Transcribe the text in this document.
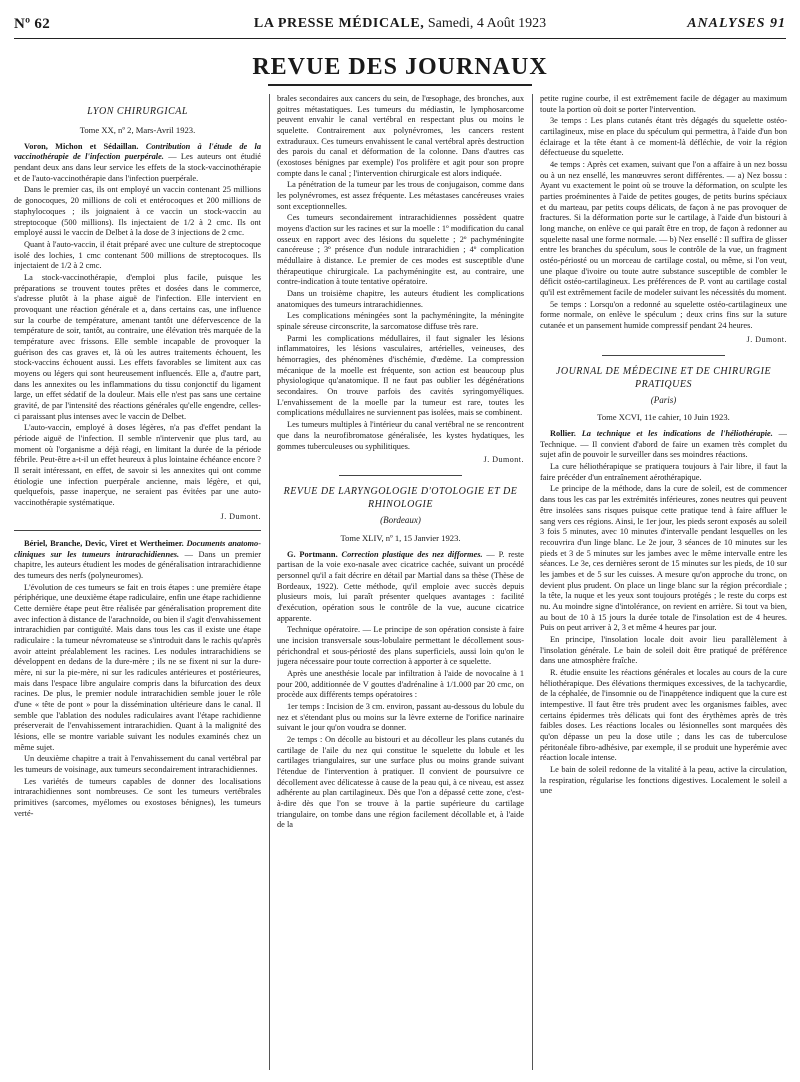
Nº 62	LA PRESSE MÉDICALE, Samedi, 4 Août 1923	ANALYSES 91
REVUE DES JOURNAUX
LYON CHIRURGICAL
Tome XX, nº 2, Mars-Avril 1923.

Voron, Michon et Sédaillan. Contribution à l'étude de la vaccinothérapie de l'infection puerpérale. — Les auteurs ont étudié pendant deux ans dans leur service les effets de la stock-vaccinothérapie et de l'auto-vaccinothérapie dans l'infection puerpérale.

Dans le premier cas, ils ont employé un vaccin contenant 25 millions de gonocoques, 20 millions de coli et entérocoques et 200 millions de staphylocoques ; ils joignaient à ce vaccin un stock-vaccin au streptocoque (500 millions). Ils injectaient de 1/2 à 2 cmc. Ils ont employé aussi le vaccin de Delbet à la dose de 3 injections de 2 cmc.

Quant à l'auto-vaccin, il était préparé avec une culture de streptocoque isolé des lochies, 1 cmc contenant 500 millions de streptocoques. Ils injectaient de 1/2 à 2 cmc.

La stock-vaccinothérapie, d'emploi plus facile, puisque les préparations se trouvent toutes prêtes et dosées dans le commerce, s'adresse plutôt à la phase aiguë de l'infection. Elle intervient en provoquant une réaction générale et a, dans certains cas, une influence sur la courbe de température, amenant tantôt une défervescence de la température de soir, tantôt, au contraire, une élévation très marquée de la température avec frissons. Elle semble incapable de provoquer la guérison des cas graves et, là où les autres traitements échouent, les stock-vaccins échouent aussi. Les effets favorables se limitent aux cas moyens ou légers qui sont heureusement influencés. Elle a, d'autre part, dans les annexites ou les inflammations du tissu conjonctif du ligament large, un effet sédatif de la douleur. Mais elle n'est pas sans une certaine gravité, de par l'intensité des réactions générales qu'elle engendre, celles-ci paraissant plus intenses avec le vaccin de Delbet.

L'auto-vaccin, employé à doses légères, n'a pas d'effet pendant la période aiguë de l'infection. Il semble n'intervenir que plus tard, au moment où l'organisme a déjà réagi, en limitant la durée de la période fébrile. Peut-être a-t-il un effet heureux à plus lointaine échéance encore ? Il serait intéressant, en effet, de savoir si les annexites qui ont comme étiologie une infection puerpérale ancienne, mais légère, et qui, quelquefois, passe inaperçue, ne seraient pas évitées par une auto-vaccinothérapie systématique.

J. Dumont.

Bériel, Branche, Devic, Viret et Wertheimer. Documents anatomo-cliniques sur les tumeurs intrarachidiennes. — Dans un premier chapitre, les auteurs étudient les modes de généralisation intrarachidienne des tumeurs des nerfs (polyneuromes).

L'évolution de ces tumeurs se fait en trois étapes : une première étape périphérique, une deuxième étape radiculaire, enfin une étape rachidienne Cette dernière étape peut être réalisée par généralisation proprement dite avec infection à distance de l'arachnoïde, ou bien il s'agit d'envahissement intrarachidien par contiguïté. Mais dans tous les cas il existe une étape radiculaire : la tumeur névromateuse se s'introduit dans le rachis qu'après avoir atteint préalablement les racines. Les nodules intrarachidiens se développent en dedans de la dure-mère ; ils ne se fixent ni sur la dure-mère, ni sur la pie-mère, ni sur les radicules antérieures et postérieures, mais dans l'espace libre angulaire compris dans la bifurcation des deux racines. De plus, le premier nodule intrarachidien semble jouer le rôle d'une « tête de pont » pour la dissémination ultérieure dans le canal. Il semble que l'ablation des nodules radiculaires avant l'étape rachidienne préserverait de l'envahissement intrarachidien. Quant à la malignité des lésions, elle se montre variable suivant les nodules examinés chez un même sujet.

Un deuxième chapitre a trait à l'envahissement du canal vertébral par les tumeurs de voisinage, aux tumeurs secondairement intrarachidiennes.

Les variétés de tumeurs capables de donner des localisations intrarachidiennes sont nombreuses. Ce sont les tumeurs vertébrales primitives (sarcomes, myélomes ou exostoses bénignes), les tumeurs verté-

brales secondaires aux cancers du sein, de l'œsophage, des bronches, aux goitres métastatiques. Les tumeurs du médiastin, le lymphosarcome peuvent envahir le canal vertébral en respectant plus ou moins le squelette. Contrairement aux polynévromes, les cancers restent extraduraux. Ces tumeurs envahissent le canal vertébral après destruction des parois du canal et déformation de la colonne. Dans d'autres cas (exostoses bénignes par exemple) l'os prolifère et agit pour son propre compte dans le canal ; l'intervention chirurgicale est alors indiquée.

La pénétration de la tumeur par les trous de conjugaison, comme dans les polynévromes, est assez fréquente. Les métastases cancéreuses vraies sont exceptionnelles.

Ces tumeurs secondairement intrarachidiennes possèdent quatre moyens d'action sur les racines et sur la moelle : 1º modification du canal osseux en rapport avec des lésions du squelette ; 2º pachyméningite cancéreuse ; 3º présence d'un nodule intrarachidien ; 4º complication médullaire à distance. Le premier de ces modes est susceptible d'une thérapeutique chirurgicale. La pachyméningite est, au contraire, une contre-indication à toute tentative opératoire.

Dans un troisième chapitre, les auteurs étudient les complications anatomiques des tumeurs intrarachidiennes.

Les complications méningées sont la pachyméningite, la méningite spinale séreuse circonscrite, la sarcomatose diffuse très rare.

Parmi les complications médullaires, il faut signaler les lésions inflammatoires, les lésions vasculaires, artérielles, veineuses, des hémorragies, des phénomènes d'ischémie, d'œdème. La compression mécanique de la moelle est fréquente, son action est beaucoup plus physiologique qu'anatomique. Il ne faut pas oublier les dégénérations secondaires. On trouve parfois des cavités syringomyéliques. L'envahissement de la moelle par la tumeur est rare, toutes les complications médullaires ne surviennent pas isolées, mais se combinent.

Les tumeurs multiples à l'intérieur du canal vertébral ne se rencontrent que dans la neurofibromatose généralisée, les kystes hydatiques, les gommes tuberculeuses ou syphilitiques.

J. Dumont.
REVUE DE LARYNGOLOGIE D'OTOLOGIE ET DE RHINOLOGIE
(Bordeaux)
Tome XLIV, nº 1, 15 Janvier 1923.

G. Portmann. Correction plastique des nez difformes. — P. reste partisan de la voie exo-nasale avec cicatrice cachée, suivant un procédé personnel qu'il a fait décrire en détail par Martial dans sa thèse (Thèse de Bordeaux, 1922). Cette méthode, qu'il emploie avec succès depuis plusieurs mois, lui paraît présenter quelques avantages : facilité d'exécution, opération sous le contrôle de la vue, aucune cicatrice apparente.

Technique opératoire. — Le principe de son opération consiste à faire une incision transversale sous-lobulaire permettant le décollement sous-périchondral et sous-périosté des plans superficiels, aussi loin qu'on le jugera nécessaire pour toute correction à apporter à ce squelette.

Après une anesthésie locale par infiltration à l'aide de novocaïne à 1 pour 200, additionnée de V gouttes d'adrénaline à 1/1.000 par 20 cmc, on procède aux différents temps opératoires :

1er temps : Incision de 3 cm. environ, passant au-dessous du lobule du nez et s'étendant plus ou moins sur la lèvre externe de l'orifice narinaire suivant le jour qu'on voudra se donner.

2e temps : On décolle au bistouri et au décolleur les plans cutanés du cartilage de l'aile du nez qui constitue le squelette du lobule et les cartilages triangulaires, sur une surface plus ou moins grande suivant l'étendue de l'intervention à pratiquer. Il convient de poursuivre ce décollement avec délicatesse à cause de la peau qui, à ce niveau, est assez adhérente au plan cartilagineux. Dès que l'on a dépassé cette zone, c'est-à-dire dès que l'on se trouve à la partie supérieure du cartilage triangulaire, on tombe dans une région facilement décollable et, à l'aide de la

petite rugine courbe, il est extrêmement facile de dégager au maximum toute la portion où doit se porter l'intervention.

3e temps : Les plans cutanés étant très dégagés du squelette ostéo-cartilagineux, mise en place du spéculum qui permettra, à l'aide d'un bon éclairage et la tête étant à ce moment-là défléchie, de voir la région défectueuse du squelette.

4e temps : Après cet examen, suivant que l'on a affaire à un nez bossu ou à un nez ensellé, les manœuvres seront différentes. — a) Nez bossu : Ayant vu exactement le point où se trouve la déformation, on sculpte les parties proéminentes à l'aide de petites gouges, de petits burins spéciaux et du marteau, par petits coups délicats, de façon à ne pas provoquer de fractures. Si la déformation porte sur le cartilage, à l'aide d'un bistouri à long manche, on enlève ce qui paraît être en trop, de façon à redonner au squelette nasal une forme normale. — b) Nez ensellé : Il suffira de glisser entre les branches du spéculum, sous le contrôle de la vue, un fragment ostéo-périosté ou un morceau de cartilage costal, ou même, si l'on veut, une plaque d'ivoire ou toute autre substance susceptible de combler le déficit ostéo-cartilagineux. Les préférences de P. vont au cartilage costal qu'il est extrêmement facile de modeler suivant les nécessités du moment.

5e temps : Lorsqu'on a redonné au squelette ostéo-cartilagineux une forme normale, on enlève le spéculum ; deux crins fins sur la suture cutanée et un pansement humide compressif pendant 24 heures.

J. Dumont.
JOURNAL DE MÉDECINE ET DE CHIRURGIE PRATIQUES
(Paris)
Tome XCVI, 11e cahier, 10 Juin 1923.

Rollier. La technique et les indications de l'héliothérapie. — Technique. — Il convient d'abord de faire un examen très complet du sujet afin de pouvoir le surveiller dans ses moindres réactions.

La cure héliothérapique se pratiquera toujours à l'air libre, il faut la faire précéder d'un entraînement aérothérapique.

Le principe de la méthode, dans la cure de soleil, est de commencer dans tous les cas par les extrémités inférieures, zones neutres qui peuvent être insolées sans risques puisque cette pratique tend à faire affluer le sang vers ces régions. Ainsi, le 1er jour, les pieds seront exposés au soleil 3 fois 5 minutes, avec 10 minutes d'intervalle pendant lesquelles on les recouvrira d'un linge blanc. Le 2e jour, 3 séances de 10 minutes sur les pieds et 3 de 5 minutes sur les jambes avec le même intervalle entre les séances. Le 3e, ces dernières seront de 15 minutes sur les pieds, de 10 sur les jambes et de 5 sur les cuisses. A mesure qu'on approche du tronc, on devient plus prudent. On place un linge blanc sur la région précordiale ; la tête, la nuque et les yeux sont toujours protégés ; le reste du corps est nu. Au moindre signe d'intolérance, on revient en arrière. Si tout va bien, au bout de 10 à 15 jours la durée totale de l'insolation est de 4 heures. Puis on peut arriver à 2, 3 et même 4 heures par jour.

En principe, l'insolation locale doit avoir lieu parallèlement à l'insolation générale. Le bain de soleil doit être pratiqué de préférence dans une atmosphère fraîche.

R. étudie ensuite les réactions générales et locales au cours de la cure héliothérapique. Des élévations thermiques excessives, de la tachycardie, de la céphalée, de l'insomnie ou de l'inappétence indiquent que la cure est intempestive. Il faut être très prudent avec les organismes faibles, avec certains épidermes très délicats qui font des érythèmes après de très faibles doses. Les réactions locales ou lésionnelles sont marquées dès qu'on dépasse un peu la dose utile ; dans les cas de tuberculose péritonéale fibro-adhésive, par exemple, il se produit une hyperémie avec réaction locale intense.

Le bain de soleil redonne de la vitalité à la peau, active la circulation, la respiration, régularise les fonctions digestives. Localement le soleil a une
